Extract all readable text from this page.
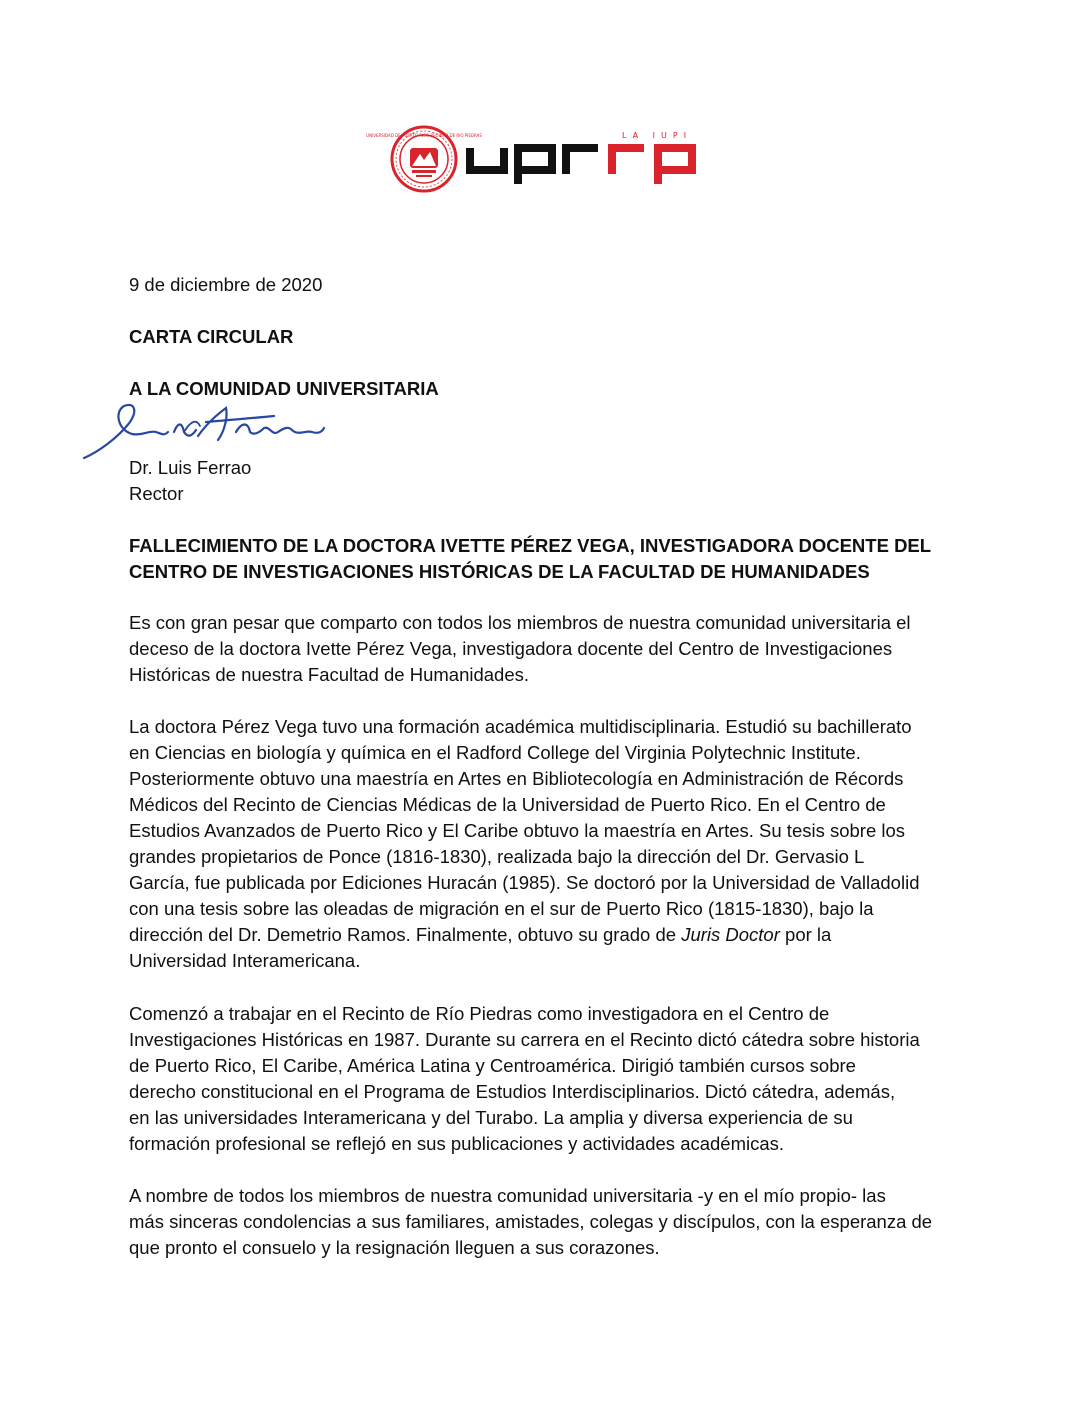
UNIVERSIDAD DE PUERTO RICO RECINTO DE RIO PIEDRAS	LA IUPI

9 de diciembre de 2020

CARTA CIRCULAR

A LA COMUNIDAD UNIVERSITARIA

Dr. Luis Ferrao

Rector

FALLECIMIENTO DE LA DOCTORA IVETTE PÉREZ VEGA, INVESTIGADORA DOCENTE DEL

CENTRO DE INVESTIGACIONES HISTÓRICAS DE LA FACULTAD DE HUMANIDADES

Es con gran pesar que comparto con todos los miembros de nuestra comunidad universitaria el

deceso de la doctora Ivette Pérez Vega, investigadora docente del Centro de Investigaciones

Históricas de nuestra Facultad de Humanidades.

La doctora Pérez Vega tuvo una formación académica multidisciplinaria. Estudió su bachillerato

en Ciencias en biología y química en el Radford College del Virginia Polytechnic Institute.

Posteriormente obtuvo una maestría en Artes en Bibliotecología en Administración de Récords

Médicos del Recinto de Ciencias Médicas de la Universidad de Puerto Rico. En el Centro de

Estudios Avanzados de Puerto Rico y El Caribe obtuvo la maestría en Artes. Su tesis sobre los

grandes propietarios de Ponce (1816-1830), realizada bajo la dirección del Dr. Gervasio L

García, fue publicada por Ediciones Huracán (1985). Se doctoró por la Universidad de Valladolid

con una tesis sobre las oleadas de migración en el sur de Puerto Rico (1815-1830), bajo la

dirección del Dr. Demetrio Ramos. Finalmente, obtuvo su grado de Juris Doctor por la

Universidad Interamericana.

Comenzó a trabajar en el Recinto de Río Piedras como investigadora en el Centro de

Investigaciones Históricas en 1987. Durante su carrera en el Recinto dictó cátedra sobre historia

de Puerto Rico, El Caribe, América Latina y Centroamérica. Dirigió también cursos sobre

derecho constitucional en el Programa de Estudios Interdisciplinarios. Dictó cátedra, además,

en las universidades Interamericana y del Turabo. La amplia y diversa experiencia de su

formación profesional se reflejó en sus publicaciones y actividades académicas.

A nombre de todos los miembros de nuestra comunidad universitaria -y en el mío propio- las

más sinceras condolencias a sus familiares, amistades, colegas y discípulos, con la esperanza de

que pronto el consuelo y la resignación lleguen a sus corazones.
